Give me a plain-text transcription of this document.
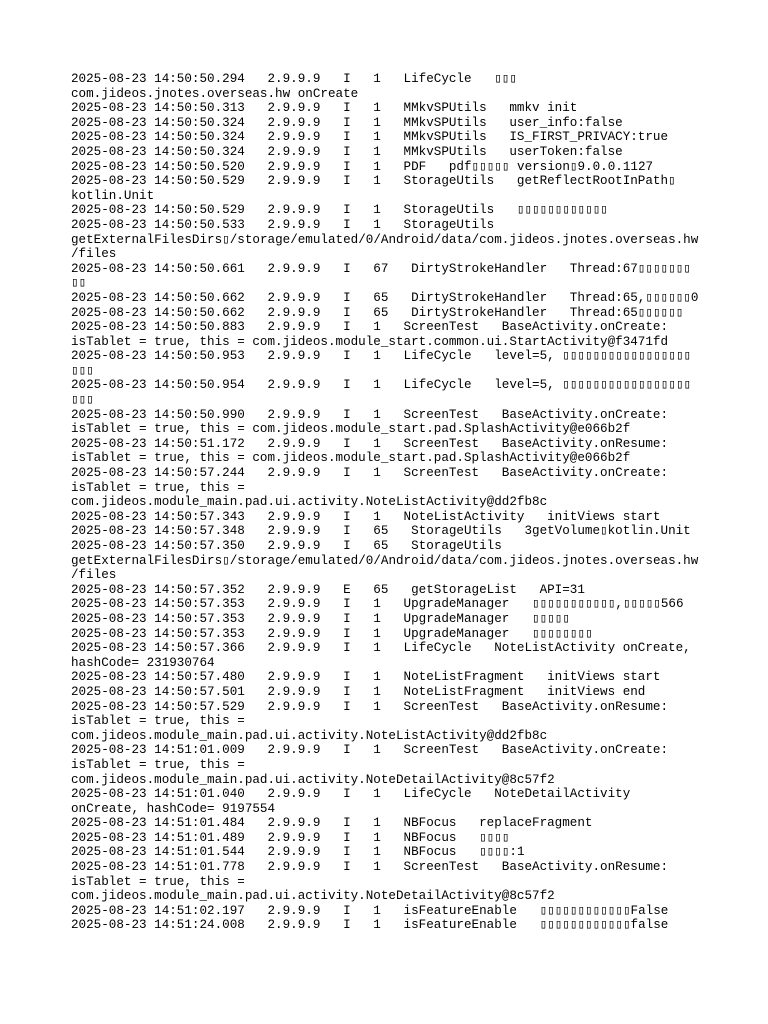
2025-08-23 14:50:50.294   2.9.9.9   I   1   LifeCycle   ▯▯▯
com.jideos.jnotes.overseas.hw onCreate
2025-08-23 14:50:50.313   2.9.9.9   I   1   MMkvSPUtils   mmkv init
2025-08-23 14:50:50.324   2.9.9.9   I   1   MMkvSPUtils   user_info:false
2025-08-23 14:50:50.324   2.9.9.9   I   1   MMkvSPUtils   IS_FIRST_PRIVACY:true
2025-08-23 14:50:50.324   2.9.9.9   I   1   MMkvSPUtils   userToken:false
2025-08-23 14:50:50.520   2.9.9.9   I   1   PDF   pdf▯▯▯▯▯ version▯9.0.0.1127
2025-08-23 14:50:50.529   2.9.9.9   I   1   StorageUtils   getReflectRootInPath▯
kotlin.Unit
2025-08-23 14:50:50.529   2.9.9.9   I   1   StorageUtils   ▯▯▯▯▯▯▯▯▯▯▯▯
2025-08-23 14:50:50.533   2.9.9.9   I   1   StorageUtils
getExternalFilesDirs▯/storage/emulated/0/Android/data/com.jideos.jnotes.overseas.hw
/files
2025-08-23 14:50:50.661   2.9.9.9   I   67   DirtyStrokeHandler   Thread:67▯▯▯▯▯▯▯
▯▯
2025-08-23 14:50:50.662   2.9.9.9   I   65   DirtyStrokeHandler   Thread:65,▯▯▯▯▯▯0
2025-08-23 14:50:50.662   2.9.9.9   I   65   DirtyStrokeHandler   Thread:65▯▯▯▯▯▯
2025-08-23 14:50:50.883   2.9.9.9   I   1   ScreenTest   BaseActivity.onCreate:
isTablet = true, this = com.jideos.module_start.common.ui.StartActivity@f3471fd
2025-08-23 14:50:50.953   2.9.9.9   I   1   LifeCycle   level=5, ▯▯▯▯▯▯▯▯▯▯▯▯▯▯▯▯▯
▯▯▯
2025-08-23 14:50:50.954   2.9.9.9   I   1   LifeCycle   level=5, ▯▯▯▯▯▯▯▯▯▯▯▯▯▯▯▯▯
▯▯▯
2025-08-23 14:50:50.990   2.9.9.9   I   1   ScreenTest   BaseActivity.onCreate:
isTablet = true, this = com.jideos.module_start.pad.SplashActivity@e066b2f
2025-08-23 14:50:51.172   2.9.9.9   I   1   ScreenTest   BaseActivity.onResume:
isTablet = true, this = com.jideos.module_start.pad.SplashActivity@e066b2f
2025-08-23 14:50:57.244   2.9.9.9   I   1   ScreenTest   BaseActivity.onCreate:
isTablet = true, this =
com.jideos.module_main.pad.ui.activity.NoteListActivity@dd2fb8c
2025-08-23 14:50:57.343   2.9.9.9   I   1   NoteListActivity   initViews start
2025-08-23 14:50:57.348   2.9.9.9   I   65   StorageUtils   3getVolume▯kotlin.Unit
2025-08-23 14:50:57.350   2.9.9.9   I   65   StorageUtils
getExternalFilesDirs▯/storage/emulated/0/Android/data/com.jideos.jnotes.overseas.hw
/files
2025-08-23 14:50:57.352   2.9.9.9   E   65   getStorageList   API=31
2025-08-23 14:50:57.353   2.9.9.9   I   1   UpgradeManager   ▯▯▯▯▯▯▯▯▯▯▯,▯▯▯▯▯566
2025-08-23 14:50:57.353   2.9.9.9   I   1   UpgradeManager   ▯▯▯▯▯
2025-08-23 14:50:57.353   2.9.9.9   I   1   UpgradeManager   ▯▯▯▯▯▯▯▯
2025-08-23 14:50:57.366   2.9.9.9   I   1   LifeCycle   NoteListActivity onCreate,
hashCode= 231930764
2025-08-23 14:50:57.480   2.9.9.9   I   1   NoteListFragment   initViews start
2025-08-23 14:50:57.501   2.9.9.9   I   1   NoteListFragment   initViews end
2025-08-23 14:50:57.529   2.9.9.9   I   1   ScreenTest   BaseActivity.onResume:
isTablet = true, this =
com.jideos.module_main.pad.ui.activity.NoteListActivity@dd2fb8c
2025-08-23 14:51:01.009   2.9.9.9   I   1   ScreenTest   BaseActivity.onCreate:
isTablet = true, this =
com.jideos.module_main.pad.ui.activity.NoteDetailActivity@8c57f2
2025-08-23 14:51:01.040   2.9.9.9   I   1   LifeCycle   NoteDetailActivity
onCreate, hashCode= 9197554
2025-08-23 14:51:01.484   2.9.9.9   I   1   NBFocus   replaceFragment
2025-08-23 14:51:01.489   2.9.9.9   I   1   NBFocus   ▯▯▯▯
2025-08-23 14:51:01.544   2.9.9.9   I   1   NBFocus   ▯▯▯▯:1
2025-08-23 14:51:01.778   2.9.9.9   I   1   ScreenTest   BaseActivity.onResume:
isTablet = true, this =
com.jideos.module_main.pad.ui.activity.NoteDetailActivity@8c57f2
2025-08-23 14:51:02.197   2.9.9.9   I   1   isFeatureEnable   ▯▯▯▯▯▯▯▯▯▯▯▯False
2025-08-23 14:51:24.008   2.9.9.9   I   1   isFeatureEnable   ▯▯▯▯▯▯▯▯▯▯▯▯false
